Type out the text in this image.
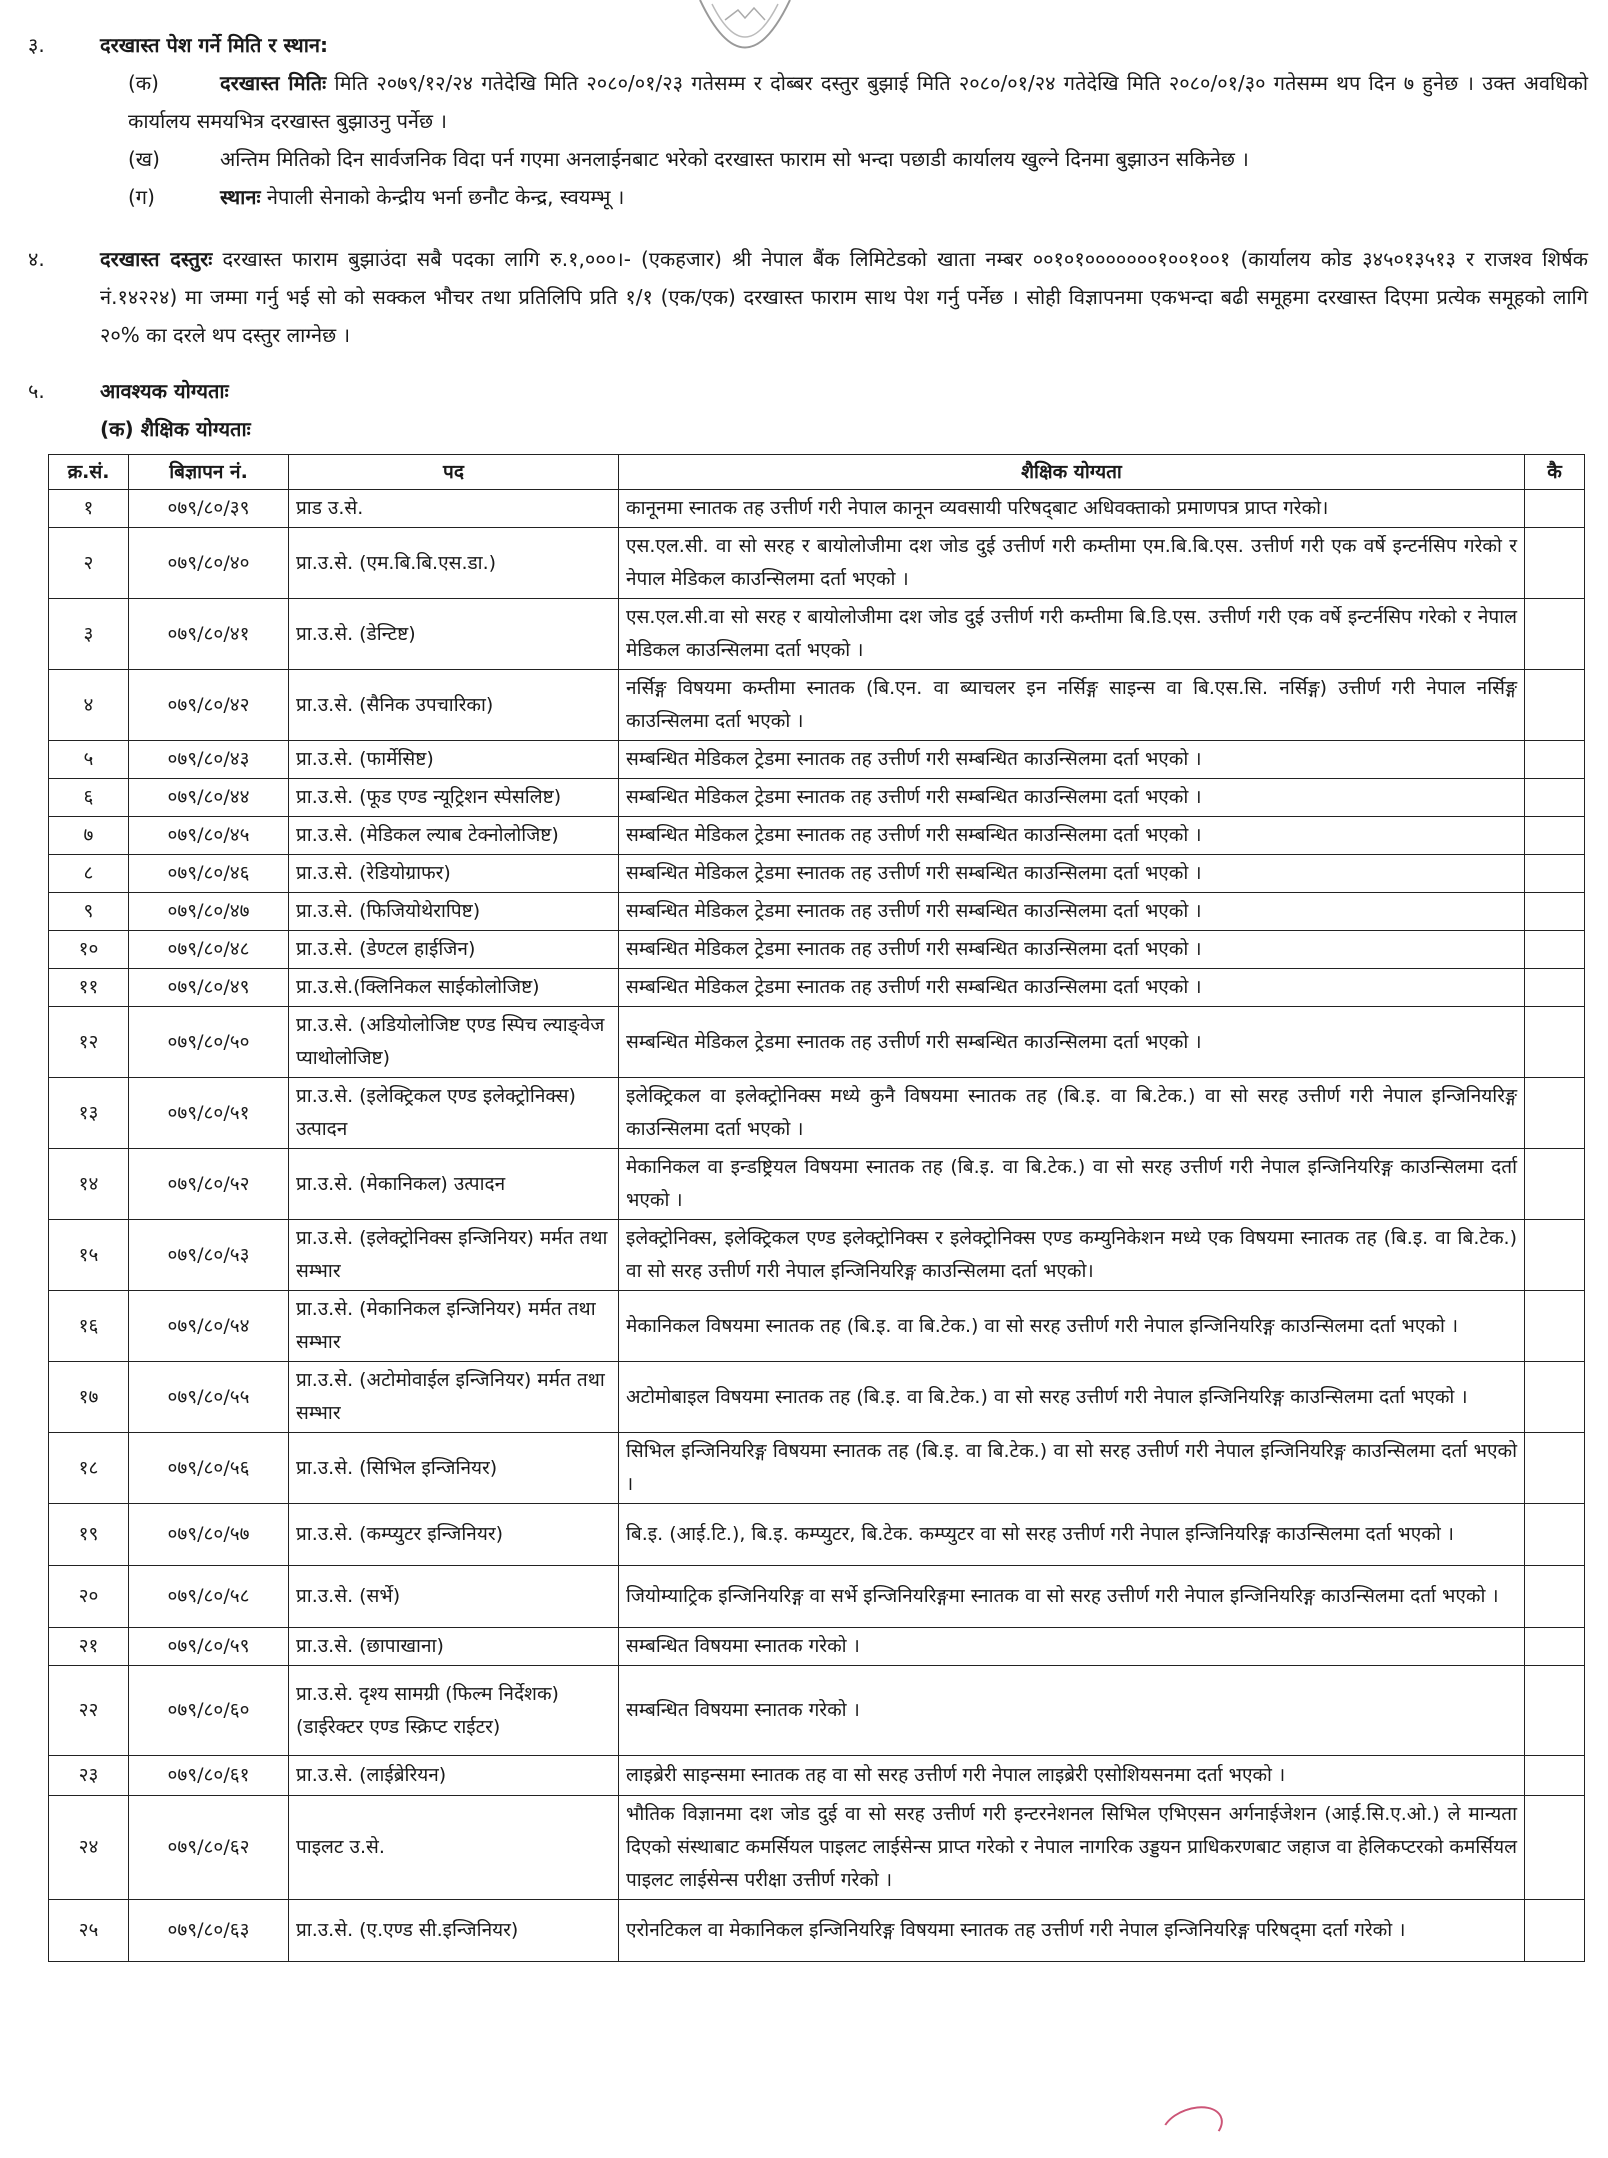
३.	दरखास्त पेश गर्ने मिति र स्थान:
(क)	दरखास्त मितिः मिति २०७९/१२/२४ गतेदेखि मिति २०८०/०१/२३ गतेसम्म र दोब्बर दस्तुर बुझाई मिति २०८०/०१/२४ गतेदेखि मिति २०८०/०१/३० गतेसम्म थप दिन ७ हुनेछ । उक्त अवधिको कार्यालय समयभित्र दरखास्त बुझाउनु पर्नेछ ।
(ख)	अन्तिम मितिको दिन सार्वजनिक विदा पर्न गएमा अनलाईनबाट भरेको दरखास्त फाराम सो भन्दा पछाडी कार्यालय खुल्ने दिनमा बुझाउन सकिनेछ ।
(ग)	स्थानः नेपाली सेनाको केन्द्रीय भर्ना छनौट केन्द्र, स्वयम्भू ।
४.	दरखास्त दस्तुरः दरखास्त फाराम बुझाउंदा सबै पदका लागि रु.१,०००।- (एकहजार) श्री नेपाल बैंक लिमिटेडको खाता नम्बर ००१०१०००००००१००१००१ (कार्यालय कोड ३४५०१३५१३ र राजश्व शिर्षक नं.१४२२४) मा जम्मा गर्नु भई सो को सक्कल भौचर तथा प्रतिलिपि प्रति १/१ (एक/एक) दरखास्त फाराम साथ पेश गर्नु पर्नेछ । सोही विज्ञापनमा एकभन्दा बढी समूहमा दरखास्त दिएमा प्रत्येक समूहको लागि २०% का दरले थप दस्तुर लाग्नेछ ।
५.	आवश्यक योग्यताः
(क) शैक्षिक योग्यताः
क्र.सं.	बिज्ञापन नं.	पद	शैक्षिक योग्यता	कै
१	०७९/८०/३९	प्राड उ.से.	कानूनमा स्नातक तह उत्तीर्ण गरी नेपाल कानून व्यवसायी परिषद्‌बाट अधिवक्ताको प्रमाणपत्र प्राप्त गरेको।	
२	०७९/८०/४०	प्रा.उ.से. (एम.बि.बि.एस.डा.)	एस.एल.सी. वा सो सरह र बायोलोजीमा दश जोड दुई उत्तीर्ण गरी कम्तीमा एम.बि.बि.एस. उत्तीर्ण गरी एक वर्षे इन्टर्नसिप गरेको र नेपाल मेडिकल काउन्सिलमा दर्ता भएको ।	
३	०७९/८०/४१	प्रा.उ.से. (डेन्टिष्ट)	एस.एल.सी.वा सो सरह र बायोलोजीमा दश जोड दुई उत्तीर्ण गरी कम्तीमा बि.डि.एस. उत्तीर्ण गरी एक वर्षे इन्टर्नसिप गरेको र नेपाल मेडिकल काउन्सिलमा दर्ता भएको ।	
४	०७९/८०/४२	प्रा.उ.से. (सैनिक उपचारिका)	नर्सिङ्ग विषयमा कम्तीमा स्नातक (बि.एन. वा ब्याचलर इन नर्सिङ्ग साइन्स वा बि.एस.सि. नर्सिङ्ग) उत्तीर्ण गरी नेपाल नर्सिङ्ग काउन्सिलमा दर्ता भएको ।	
५	०७९/८०/४३	प्रा.उ.से. (फार्मेसिष्ट)	सम्बन्धित मेडिकल ट्रेडमा स्नातक तह उत्तीर्ण गरी सम्बन्धित काउन्सिलमा दर्ता भएको ।	
६	०७९/८०/४४	प्रा.उ.से. (फूड एण्ड न्यूट्रिशन स्पेसलिष्ट)	सम्बन्धित मेडिकल ट्रेडमा स्नातक तह उत्तीर्ण गरी सम्बन्धित काउन्सिलमा दर्ता भएको ।	
७	०७९/८०/४५	प्रा.उ.से. (मेडिकल ल्याब टेक्नोलोजिष्ट)	सम्बन्धित मेडिकल ट्रेडमा स्नातक तह उत्तीर्ण गरी सम्बन्धित काउन्सिलमा दर्ता भएको ।	
८	०७९/८०/४६	प्रा.उ.से. (रेडियोग्राफर)	सम्बन्धित मेडिकल ट्रेडमा स्नातक तह उत्तीर्ण गरी सम्बन्धित काउन्सिलमा दर्ता भएको ।	
९	०७९/८०/४७	प्रा.उ.से. (फिजियोथेरापिष्ट)	सम्बन्धित मेडिकल ट्रेडमा स्नातक तह उत्तीर्ण गरी सम्बन्धित काउन्सिलमा दर्ता भएको ।	
१०	०७९/८०/४८	प्रा.उ.से. (डेण्टल हाईजिन)	सम्बन्धित मेडिकल ट्रेडमा स्नातक तह उत्तीर्ण गरी सम्बन्धित काउन्सिलमा दर्ता भएको ।	
११	०७९/८०/४९	प्रा.उ.से.(क्लिनिकल साईकोलोजिष्ट)	सम्बन्धित मेडिकल ट्रेडमा स्नातक तह उत्तीर्ण गरी सम्बन्धित काउन्सिलमा दर्ता भएको ।	
१२	०७९/८०/५०	प्रा.उ.से. (अडियोलोजिष्ट एण्ड स्पिच ल्याङ्वेज प्याथोलोजिष्ट)	सम्बन्धित मेडिकल ट्रेडमा स्नातक तह उत्तीर्ण गरी सम्बन्धित काउन्सिलमा दर्ता भएको ।	
१३	०७९/८०/५१	प्रा.उ.से. (इलेक्ट्रिकल एण्ड इलेक्ट्रोनिक्स) उत्पादन	इलेक्ट्रिकल वा इलेक्ट्रोनिक्स मध्ये कुनै विषयमा स्नातक तह (बि.इ. वा बि.टेक.) वा सो सरह उत्तीर्ण गरी नेपाल इन्जिनियरिङ्ग काउन्सिलमा दर्ता भएको ।	
१४	०७९/८०/५२	प्रा.उ.से. (मेकानिकल) उत्पादन	मेकानिकल वा इन्डष्ट्रियल विषयमा स्नातक तह (बि.इ. वा बि.टेक.) वा सो सरह उत्तीर्ण गरी नेपाल इन्जिनियरिङ्ग काउन्सिलमा दर्ता भएको ।	
१५	०७९/८०/५३	प्रा.उ.से. (इलेक्ट्रोनिक्स इन्जिनियर) मर्मत तथा सम्भार	इलेक्ट्रोनिक्स, इलेक्ट्रिकल एण्ड इलेक्ट्रोनिक्स र इलेक्ट्रोनिक्स एण्ड कम्युनिकेशन मध्ये एक विषयमा स्नातक तह (बि.इ. वा बि.टेक.) वा सो सरह उत्तीर्ण गरी नेपाल इन्जिनियरिङ्ग काउन्सिलमा दर्ता भएको।	
१६	०७९/८०/५४	प्रा.उ.से. (मेकानिकल इन्जिनियर) मर्मत तथा सम्भार	मेकानिकल विषयमा स्नातक तह (बि.इ. वा बि.टेक.) वा सो सरह उत्तीर्ण गरी नेपाल इन्जिनियरिङ्ग काउन्सिलमा दर्ता भएको ।	
१७	०७९/८०/५५	प्रा.उ.से. (अटोमोवाईल इन्जिनियर) मर्मत तथा सम्भार	अटोमोबाइल विषयमा स्नातक तह (बि.इ. वा बि.टेक.) वा सो सरह उत्तीर्ण गरी नेपाल इन्जिनियरिङ्ग काउन्सिलमा दर्ता भएको ।	
१८	०७९/८०/५६	प्रा.उ.से. (सिभिल इन्जिनियर)	सिभिल इन्जिनियरिङ्ग विषयमा स्नातक तह (बि.इ. वा बि.टेक.) वा सो सरह उत्तीर्ण गरी नेपाल इन्जिनियरिङ्ग काउन्सिलमा दर्ता भएको ।	
१९	०७९/८०/५७	प्रा.उ.से. (कम्प्युटर इन्जिनियर)	बि.इ. (आई.टि.), बि.इ. कम्प्युटर, बि.टेक. कम्प्युटर वा सो सरह उत्तीर्ण गरी नेपाल इन्जिनियरिङ्ग काउन्सिलमा दर्ता भएको ।	
२०	०७९/८०/५८	प्रा.उ.से. (सर्भे)	जियोम्याट्रिक इन्जिनियरिङ्ग वा सर्भे इन्जिनियरिङ्गमा स्नातक वा सो सरह उत्तीर्ण गरी नेपाल इन्जिनियरिङ्ग काउन्सिलमा दर्ता भएको ।	
२१	०७९/८०/५९	प्रा.उ.से. (छापाखाना)	सम्बन्धित विषयमा स्नातक गरेको ।	
२२	०७९/८०/६०	प्रा.उ.से. दृश्य सामग्री (फिल्म निर्देशक) (डाईरेक्टर एण्ड स्क्रिप्ट राईटर)	सम्बन्धित विषयमा स्नातक गरेको ।	
२३	०७९/८०/६१	प्रा.उ.से. (लाईब्रेरियन)	लाइब्रेरी साइन्समा स्नातक तह वा सो सरह उत्तीर्ण गरी नेपाल लाइब्रेरी एसोशियसनमा दर्ता भएको ।	
२४	०७९/८०/६२	पाइलट उ.से.	भौतिक विज्ञानमा दश जोड दुई वा सो सरह उत्तीर्ण गरी इन्टरनेशनल सिभिल एभिएसन अर्गनाईजेशन (आई.सि.ए.ओ.) ले मान्यता दिएको संस्थाबाट कमर्सियल पाइलट लाईसेन्स प्राप्त गरेको र नेपाल नागरिक उड्डयन प्राधिकरणबाट जहाज वा हेलिकप्टरको कमर्सियल पाइलट लाईसेन्स परीक्षा उत्तीर्ण गरेको ।	
२५	०७९/८०/६३	प्रा.उ.से. (ए.एण्ड सी.इन्जिनियर)	एरोनटिकल वा मेकानिकल इन्जिनियरिङ्ग विषयमा स्नातक तह उत्तीर्ण गरी नेपाल इन्जिनियरिङ्ग परिषद्‌मा दर्ता गरेको ।	
